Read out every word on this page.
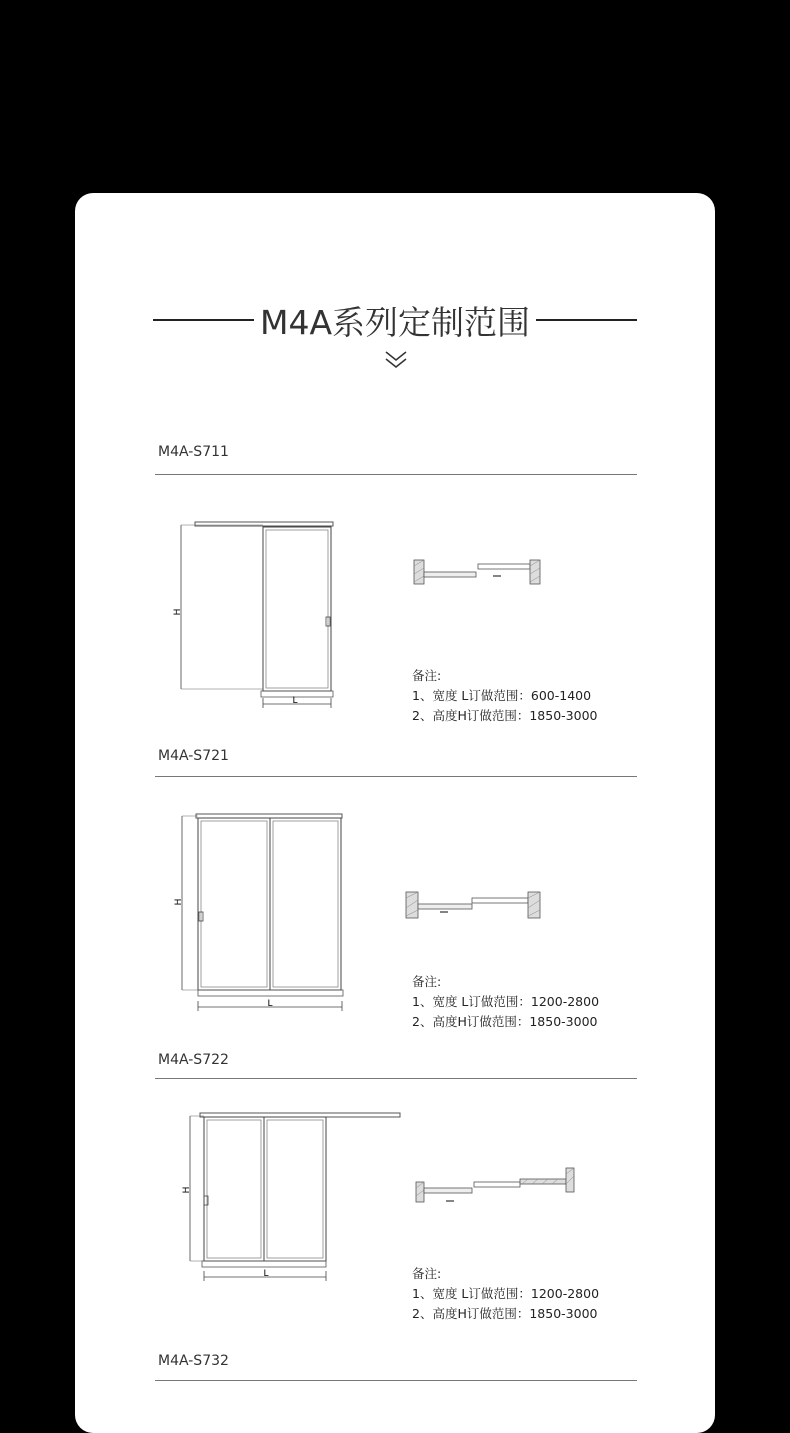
M4A系列定制范围
M4A-S711
H
L
备注:
1、宽度 L订做范围：600-1400
2、高度H订做范围：1850-3000
M4A-S721
H
L
备注:
1、宽度 L订做范围：1200-2800
2、高度H订做范围：1850-3000
M4A-S722
H
L	备注:
1、宽度 L订做范围：1200-2800
2、高度H订做范围：1850-3000
M4A-S732
